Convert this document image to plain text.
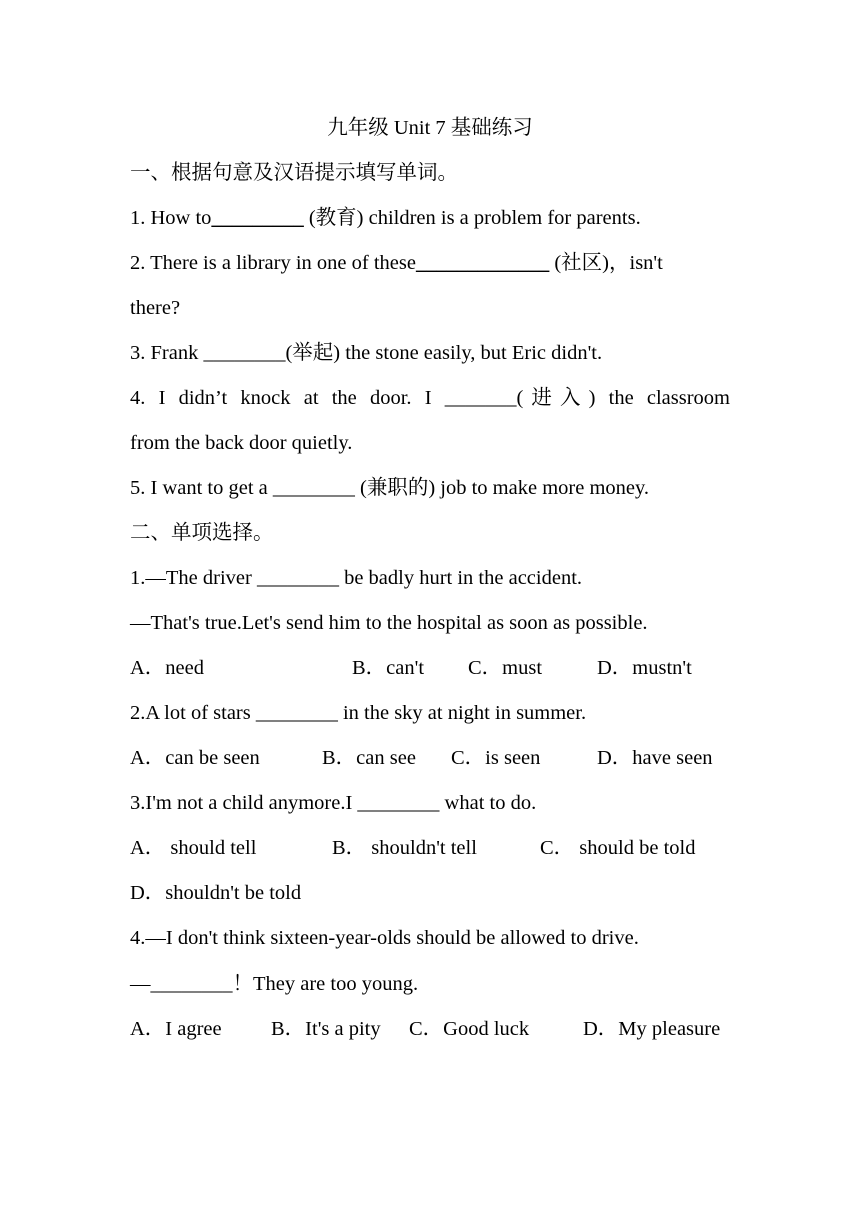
九年级 Unit 7 基础练习
一、根据句意及汉语提示填写单词。
1. How to_________ (教育) children is a problem for parents.
2. There is a library in one of these_____________ (社区)，isn't
there?
3. Frank ________(举起) the stone easily, but Eric didn't.
4. I didn’t knock at the door. I _______(进入) the classroom
from the back door quietly.
5. I want to get a ________ (兼职的) job to make more money.
二、单项选择。
1.—The driver ________ be badly hurt in the accident.
—That's true.Let's send him to the hospital as soon as possible.
A．need	B．can't C．must	D．mustn't
2.A lot of stars ________ in the sky at night in summer.
A．can be seen	B．can see C．is seen	D．have seen
3.I'm not a child anymore.I ________ what to do.
A． should tell	B． shouldn't tell	C． should be told
D．shouldn't be told
4.—I don't think sixteen-year-olds should be allowed to drive.
—________！They are too young.
A．I agree B．It's a pity C．Good luck	D．My pleasure
